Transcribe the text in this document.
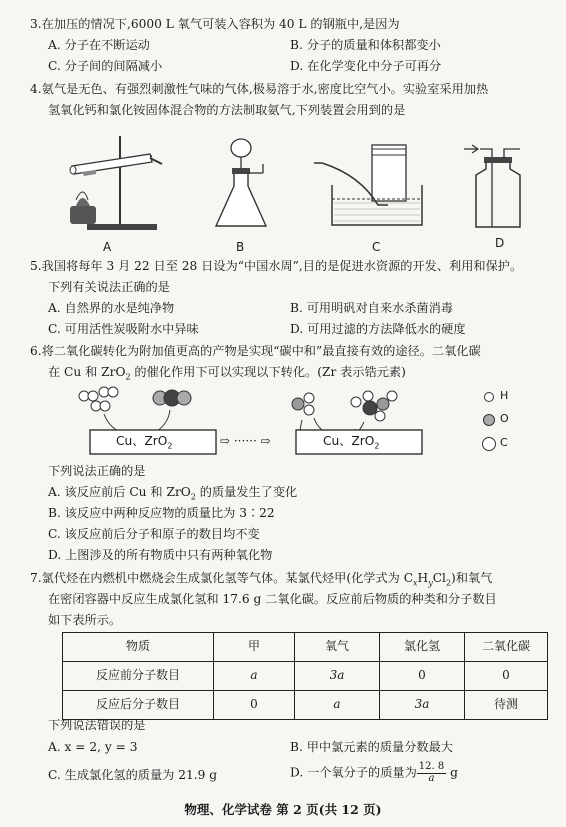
3.在加压的情况下,6000 L 氧气可装入容积为 40 L 的钢瓶中,是因为
A. 分子在不断运动	B. 分子的质量和体积都变小
C. 分子间的间隔减小	D. 在化学变化中分子可再分
4.氨气是无色、有强烈刺激性气味的气体,极易溶于水,密度比空气小。实验室采用加热
氢氧化钙和氯化铵固体混合物的方法制取氨气,下列装置会用到的是
A	B	C	D
5.我国将每年 3 月 22 日至 28 日设为“中国水周”,目的是促进水资源的开发、利用和保护。
下列有关说法正确的是
A. 自然界的水是纯净物	B. 可用明矾对自来水杀菌消毒
C. 可用活性炭吸附水中异味	D. 可用过滤的方法降低水的硬度
6.将二氧化碳转化为附加值更高的产物是实现“碳中和”最直接有效的途径。二氧化碳
在 Cu 和 ZrO$_2$ 的催化作用下可以实现以下转化。(Zr 表示锆元素)
Cu、ZrO$_2$	Cu、ZrO$_2$
⇨ ······ ⇨
H
O
C
下列说法正确的是
A. 该反应前后 Cu 和 ZrO$_2$ 的质量发生了变化
B. 该反应中两种反应物的质量比为 3∶22
C. 该反应前后分子和原子的数目均不变
D. 上图涉及的所有物质中只有两种氧化物
7.氯代烃在内燃机中燃烧会生成氯化氢等气体。某氯代烃甲(化学式为 $C_xH_yCl_2$)和氧气
在密闭容器中反应生成氯化氢和 17.6 g 二氧化碳。反应前后物质的种类和分子数目
如下表所示。
物质	甲	氧气	氯化氢	二氧化碳
反应前分子数目	a	3a	0	0
反应后分子数目	0	a	3a	待测
下列说法错误的是
A. x = 2, y = 3	B. 甲中氯元素的质量分数最大
C. 生成氯化氢的质量为 21.9 g	D. 一个氧分子的质量为 $\frac{12. 8}{a}$ g
物理、化学试卷 第 2 页(共 12 页)
